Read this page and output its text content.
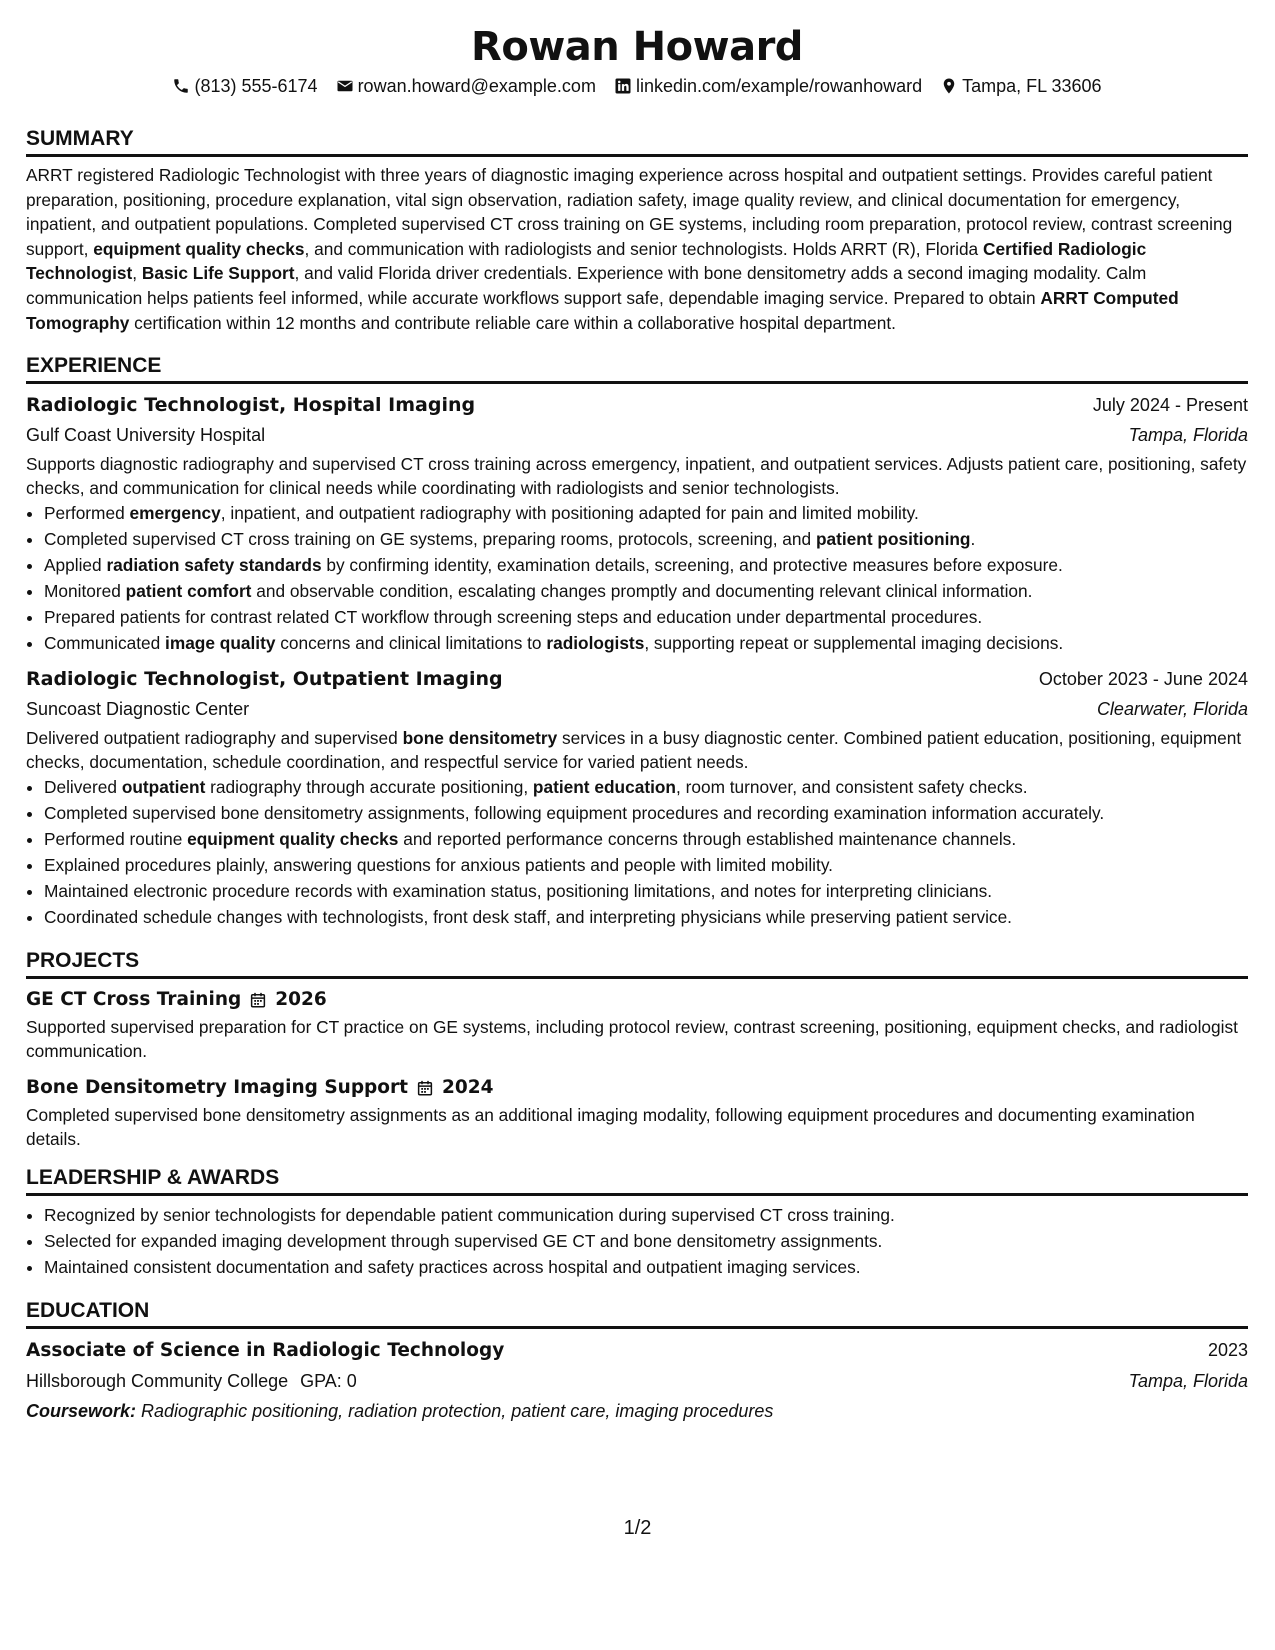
Rowan Howard
(813) 555-6174 rowan.howard@example.com linkedin.com/example/rowanhoward Tampa, FL 33606
SUMMARY

ARRT registered Radiologic Technologist with three years of diagnostic imaging experience across hospital and outpatient settings. Provides careful patient preparation, positioning, procedure explanation, vital sign observation, radiation safety, image quality review, and clinical documentation for emergency, inpatient, and outpatient populations. Completed supervised CT cross training on GE systems, including room preparation, protocol review, contrast screening support, equipment quality checks, and communication with radiologists and senior technologists. Holds ARRT (R), Florida Certified Radiologic Technologist, Basic Life Support, and valid Florida driver credentials. Experience with bone densitometry adds a second imaging modality. Calm communication helps patients feel informed, while accurate workflows support safe, dependable imaging service. Prepared to obtain ARRT Computed Tomography certification within 12 months and contribute reliable care within a collaborative hospital department.

EXPERIENCE
Radiologic Technologist, Hospital Imaging	July 2024 - Present
Gulf Coast University Hospital	Tampa, Florida

Supports diagnostic radiography and supervised CT cross training across emergency, inpatient, and outpatient services. Adjusts patient care, positioning, safety checks, and communication for clinical needs while coordinating with radiologists and senior technologists.

• Performed emergency, inpatient, and outpatient radiography with positioning adapted for pain and limited mobility.
• Completed supervised CT cross training on GE systems, preparing rooms, protocols, screening, and patient positioning.
• Applied radiation safety standards by confirming identity, examination details, screening, and protective measures before exposure.
• Monitored patient comfort and observable condition, escalating changes promptly and documenting relevant clinical information.
• Prepared patients for contrast related CT workflow through screening steps and education under departmental procedures.
• Communicated image quality concerns and clinical limitations to radiologists, supporting repeat or supplemental imaging decisions.
Radiologic Technologist, Outpatient Imaging	October 2023 - June 2024
Suncoast Diagnostic Center	Clearwater, Florida

Delivered outpatient radiography and supervised bone densitometry services in a busy diagnostic center. Combined patient education, positioning, equipment checks, documentation, schedule coordination, and respectful service for varied patient needs.

• Delivered outpatient radiography through accurate positioning, patient education, room turnover, and consistent safety checks.
• Completed supervised bone densitometry assignments, following equipment procedures and recording examination information accurately.
• Performed routine equipment quality checks and reported performance concerns through established maintenance channels.
• Explained procedures plainly, answering questions for anxious patients and people with limited mobility.
• Maintained electronic procedure records with examination status, positioning limitations, and notes for interpreting clinicians.
• Coordinated schedule changes with technologists, front desk staff, and interpreting physicians while preserving patient service.
PROJECTS
GE CT Cross Training 2026

Supported supervised preparation for CT practice on GE systems, including protocol review, contrast screening, positioning, equipment checks, and radiologist communication.

Bone Densitometry Imaging Support 2024

Completed supervised bone densitometry assignments as an additional imaging modality, following equipment procedures and documenting examination details.

LEADERSHIP & AWARDS
• Recognized by senior technologists for dependable patient communication during supervised CT cross training.
• Selected for expanded imaging development through supervised GE CT and bone densitometry assignments.
• Maintained consistent documentation and safety practices across hospital and outpatient imaging services.
EDUCATION
Associate of Science in Radiologic Technology	2023
Hillsborough Community College GPA: 0	Tampa, Florida
Coursework: Radiographic positioning, radiation protection, patient care, imaging procedures
1/2
